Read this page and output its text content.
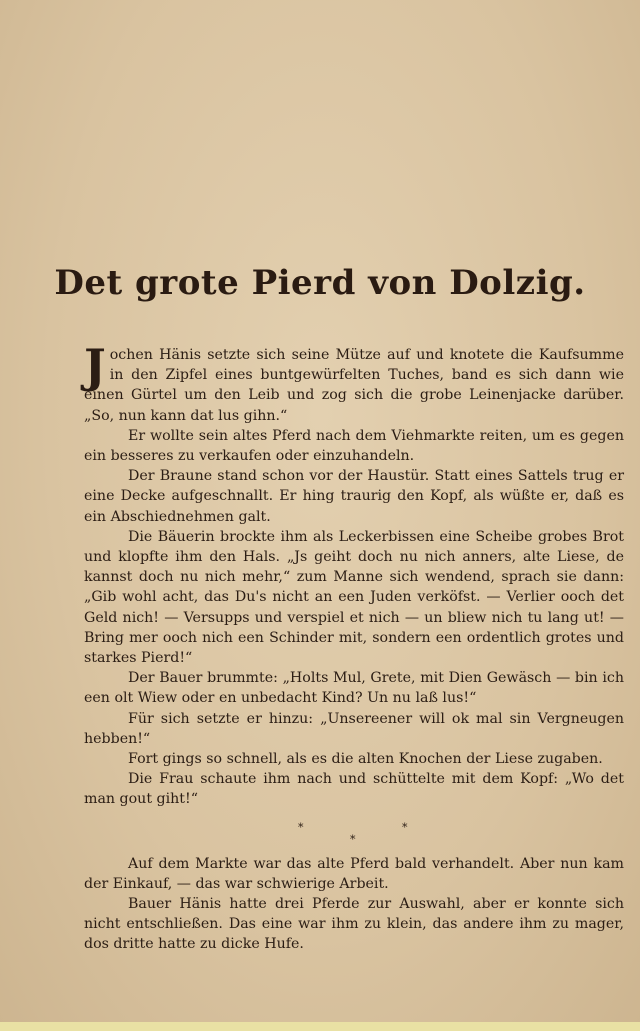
Det grote Pierd von Dolzig.

Jochen Hänis setzte sich seine Mütze auf und knotete die Kaufsumme in den Zipfel eines buntgewürfelten Tuches, band es sich dann wie einen Gürtel um den Leib und zog sich die grobe Leinenjacke darüber. „So, nun kann dat lus gihn.“

Er wollte sein altes Pferd nach dem Viehmarkte reiten, um es gegen ein besseres zu verkaufen oder einzuhandeln.

Der Braune stand schon vor der Haustür. Statt eines Sattels trug er eine Decke aufgeschnallt. Er hing traurig den Kopf, als wüßte er, daß es ein Abschiednehmen galt.

Die Bäuerin brockte ihm als Leckerbissen eine Scheibe grobes Brot und klopfte ihm den Hals. „Js geiht doch nu nich anners, alte Liese, de kannst doch nu nich mehr,“ zum Manne sich wendend, sprach sie dann: „Gib wohl acht, das Du's nicht an een Juden verköfst. — Verlier ooch det Geld nich! — Versupps und verspiel et nich — un bliew nich tu lang ut! — Bring mer ooch nich een Schinder mit, sondern een ordentlich grotes und starkes Pierd!“

Der Bauer brummte: „Holts Mul, Grete, mit Dien Gewäsch — bin ich een olt Wiew oder en unbedacht Kind? Un nu laß lus!“

Für sich setzte er hinzu: „Unsereener will ok mal sin Vergneugen hebben!“

Fort gings so schnell, als es die alten Knochen der Liese zugaben.

Die Frau schaute ihm nach und schüttelte mit dem Kopf: „Wo det man gout giht!“

*	*
*

Auf dem Markte war das alte Pferd bald verhandelt. Aber nun kam der Einkauf, — das war schwierige Arbeit.

Bauer Hänis hatte drei Pferde zur Auswahl, aber er konnte sich nicht entschließen. Das eine war ihm zu klein, das andere ihm zu mager, dos dritte hatte zu dicke Hufe.
